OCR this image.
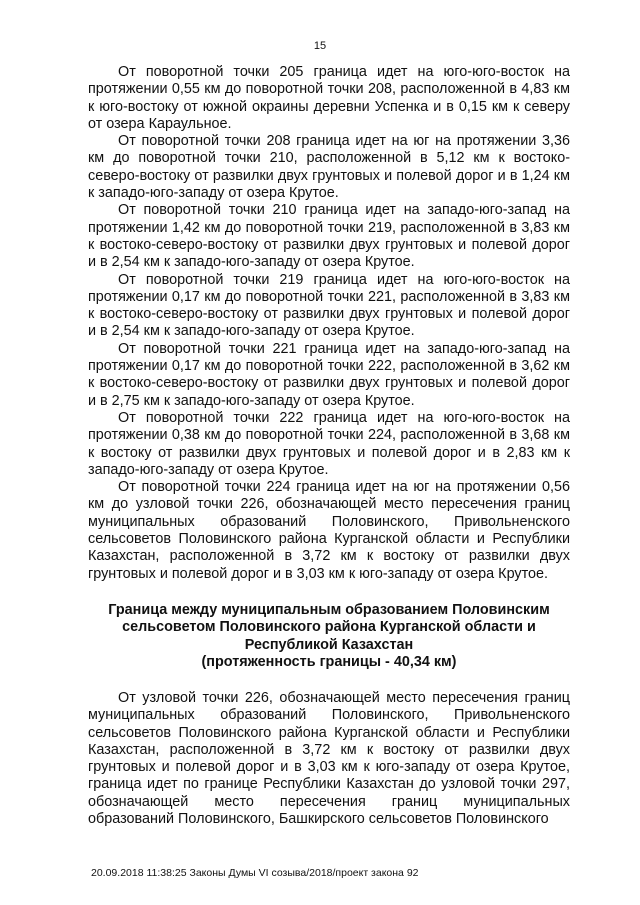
15

От поворотной точки 205 граница идет на юго-юго-восток на протяжении 0,55 км до поворотной точки 208, расположенной в 4,83 км к юго-востоку от южной окраины деревни Успенка и в 0,15 км к северу от озера Караульное.

От поворотной точки 208 граница идет на юг на протяжении 3,36 км до поворотной точки 210, расположенной в 5,12 км к востоко-северо-востоку от развилки двух грунтовых и полевой дорог и в 1,24 км к западо-юго-западу от озера Крутое.

От поворотной точки 210 граница идет на западо-юго-запад на протяжении 1,42 км до поворотной точки 219, расположенной в 3,83 км к востоко-северо-востоку от развилки двух грунтовых и полевой дорог и в 2,54 км к западо-юго-западу от озера Крутое.

От поворотной точки 219 граница идет на юго-юго-восток на протяжении 0,17 км до поворотной точки 221, расположенной в 3,83 км к востоко-северо-востоку от развилки двух грунтовых и полевой дорог и в 2,54 км к западо-юго-западу от озера Крутое.

От поворотной точки 221 граница идет на западо-юго-запад на протяжении 0,17 км до поворотной точки 222, расположенной в 3,62 км к востоко-северо-востоку от развилки двух грунтовых и полевой дорог и в 2,75 км к западо-юго-западу от озера Крутое.

От поворотной точки 222 граница идет на юго-юго-восток на протяжении 0,38 км до поворотной точки 224, расположенной в 3,68 км к востоку от развилки двух грунтовых и полевой дорог и в 2,83 км к западо-юго-западу от озера Крутое.

От поворотной точки 224 граница идет на юг на протяжении 0,56 км до узловой точки 226, обозначающей место пересечения границ муниципальных образований Половинского, Привольненского сельсоветов Половинского района Курганской области и Республики Казахстан, расположенной в 3,72 км к востоку от развилки двух грунтовых и полевой дорог и в 3,03 км к юго-западу от озера Крутое.

Граница между муниципальным образованием Половинским
сельсоветом Половинского района Курганской области и
Республикой Казахстан
(протяженность границы - 40,34 км)

От узловой точки 226, обозначающей место пересечения границ муниципальных образований Половинского, Привольненского сельсоветов Половинского района Курганской области и Республики Казахстан, расположенной в 3,72 км к востоку от развилки двух грунтовых и полевой дорог и в 3,03 км к юго-западу от озера Крутое, граница идет по границе Республики Казахстан до узловой точки 297, обозначающей место пересечения границ муниципальных образований Половинского, Башкирского сельсоветов Половинского

20.09.2018 11:38:25 Законы Думы VI созыва/2018/проект закона 92
